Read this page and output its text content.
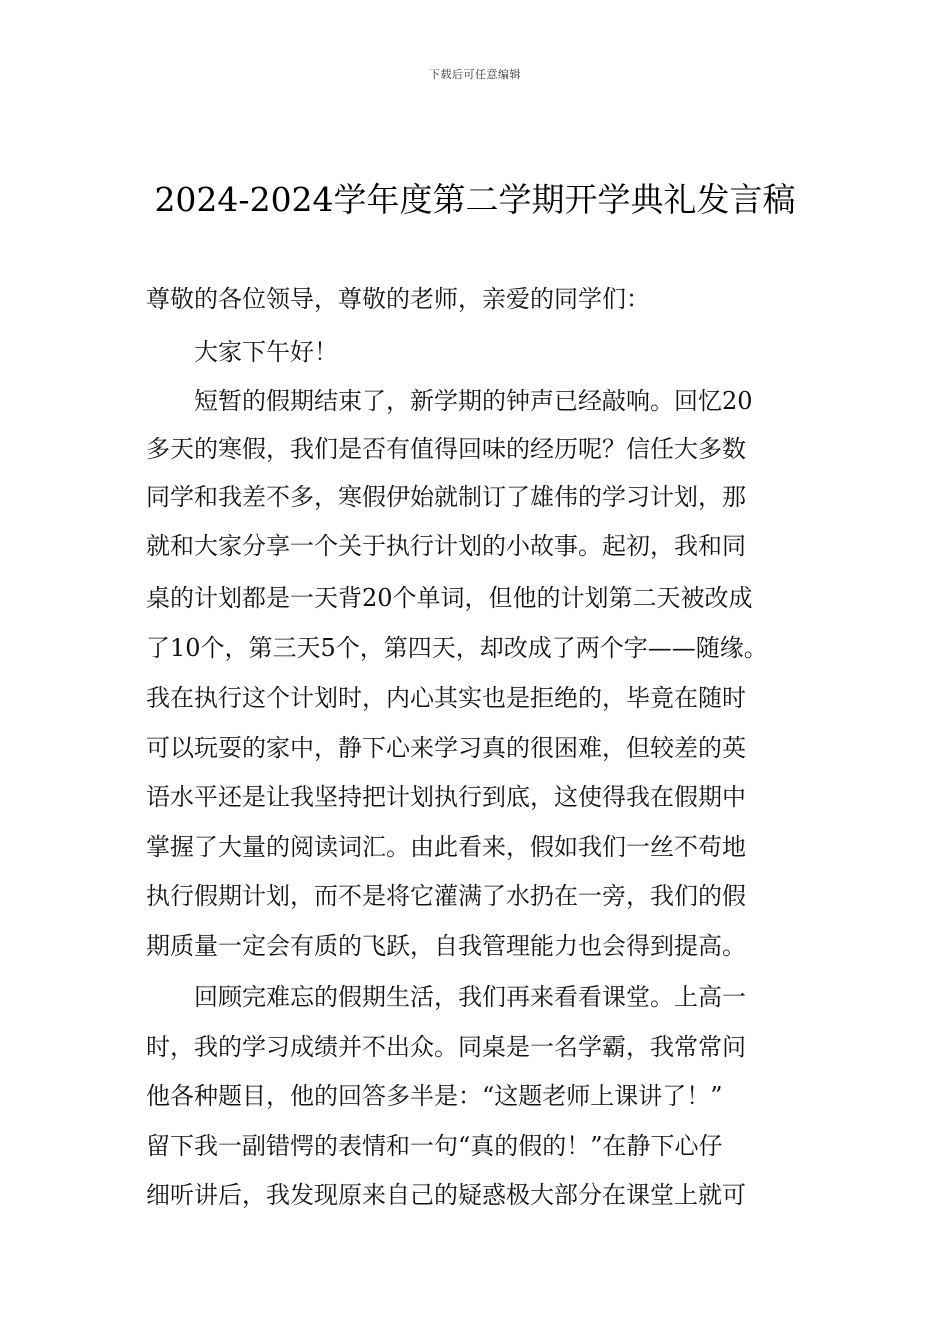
下载后可任意编辑
2024-2024学年度第二学期开学典礼发言稿
尊敬的各位领导，尊敬的老师，亲爱的同学们：
大家下午好！
短暂的假期结束了，新学期的钟声已经敲响。回忆20
多天的寒假，我们是否有值得回味的经历呢？信任大多数
同学和我差不多，寒假伊始就制订了雄伟的学习计划，那
就和大家分享一个关于执行计划的小故事。起初，我和同
桌的计划都是一天背20个单词，但他的计划第二天被改成
了10个，第三天5个，第四天，却改成了两个字——随缘。
我在执行这个计划时，内心其实也是拒绝的，毕竟在随时
可以玩耍的家中，静下心来学习真的很困难，但较差的英
语水平还是让我坚持把计划执行到底，这使得我在假期中
掌握了大量的阅读词汇。由此看来，假如我们一丝不苟地
执行假期计划，而不是将它灌满了水扔在一旁，我们的假
期质量一定会有质的飞跃，自我管理能力也会得到提高。
回顾完难忘的假期生活，我们再来看看课堂。上高一
时，我的学习成绩并不出众。同桌是一名学霸，我常常问
他各种题目，他的回答多半是：“这题老师上课讲了！”
留下我一副错愕的表情和一句“真的假的！”在静下心仔
细听讲后，我发现原来自己的疑惑极大部分在课堂上就可
